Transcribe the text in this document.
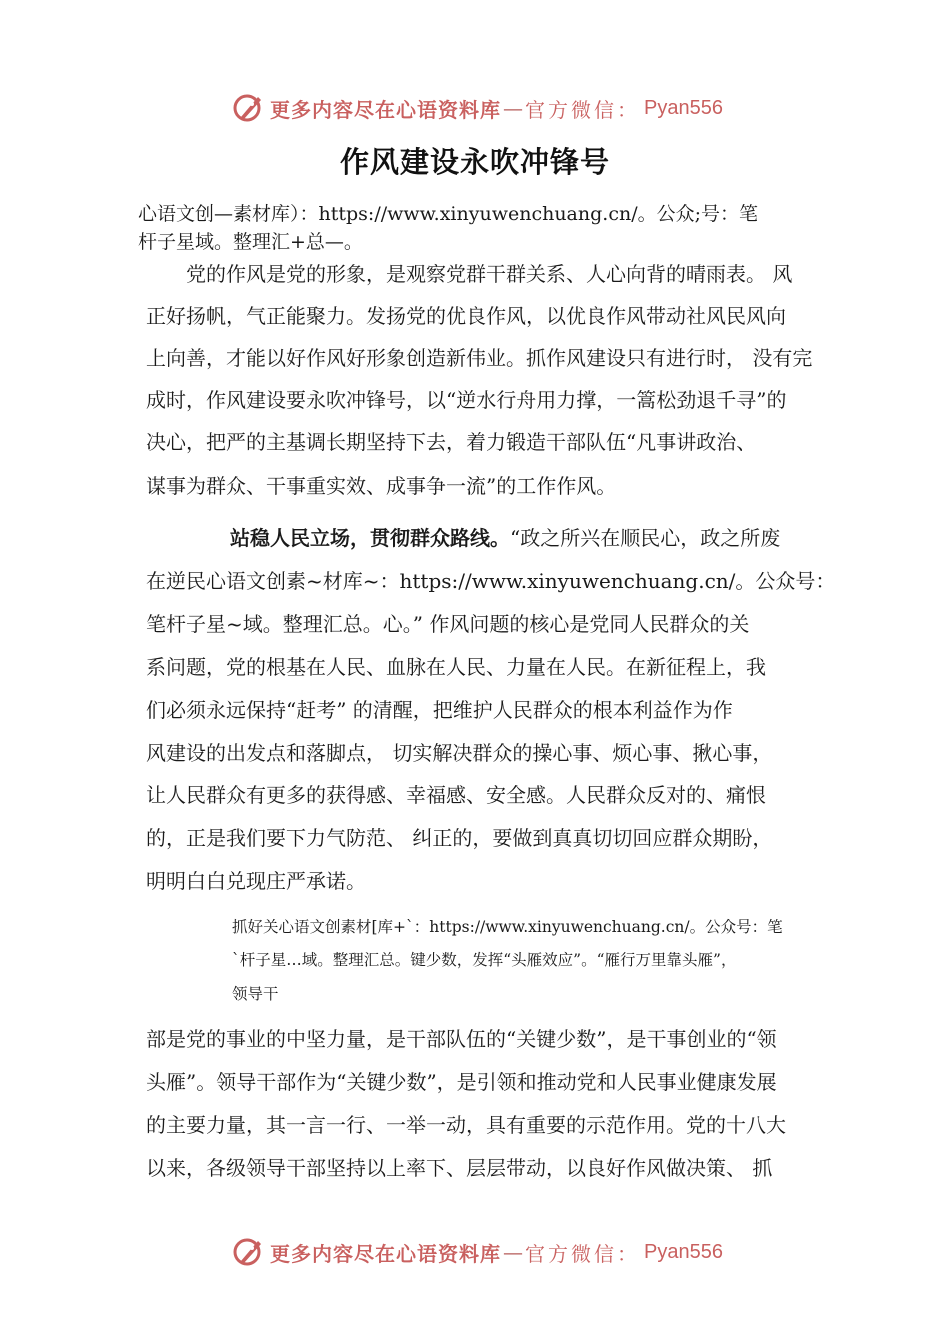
更多内容尽在心语资料库 — 官方微信： Pyan556
作风建设永吹冲锋号
心语文创—素材库）：https://www.xinyuwenchuang.cn/。公众;号：笔
杆子星域。整理汇+总—。
　　党的作风是党的形象，是观察党群干群关系、人心向背的晴雨表。 风
正好扬帆，气正能聚力。发扬党的优良作风，以优良作风带动社风民风向
上向善，才能以好作风好形象创造新伟业。抓作风建设只有进行时， 没有完
成时，作风建设要永吹冲锋号，以“逆水行舟用力撑，一篙松劲退千寻”的
决心，把严的主基调长期坚持下去，着力锻造干部队伍“凡事讲政治、
谋事为群众、干事重实效、成事争一流”的工作作风。
站稳人民立场，贯彻群众路线。“政之所兴在顺民心，政之所废
在逆民心语文创素~材库~：https://www.xinyuwenchuang.cn/。公众号：
笔杆子星~域。整理汇总。心。” 作风问题的核心是党同人民群众的关
系问题，党的根基在人民、血脉在人民、力量在人民。在新征程上，我
们必须永远保持“赶考” 的清醒，把维护人民群众的根本利益作为作
风建设的出发点和落脚点， 切实解决群众的操心事、烦心事、揪心事，
让人民群众有更多的获得感、幸福感、安全感。人民群众反对的、痛恨
的，正是我们要下力气防范、 纠正的，要做到真真切切回应群众期盼，
明明白白兑现庄严承诺。
抓好关心语文创素材[库+`：https://www.xinyuwenchuang.cn/。公众号：笔
`杆子星…域。整理汇总。键少数，发挥“头雁效应”。“雁行万里靠头雁”，
领导干
部是党的事业的中坚力量，是干部队伍的“关键少数”，是干事创业的“领
头雁”。领导干部作为“关键少数”，是引领和推动党和人民事业健康发展
的主要力量，其一言一行、一举一动，具有重要的示范作用。党的十八大
以来，各级领导干部坚持以上率下、层层带动，以良好作风做决策、 抓
更多内容尽在心语资料库 — 官方微信： Pyan556
